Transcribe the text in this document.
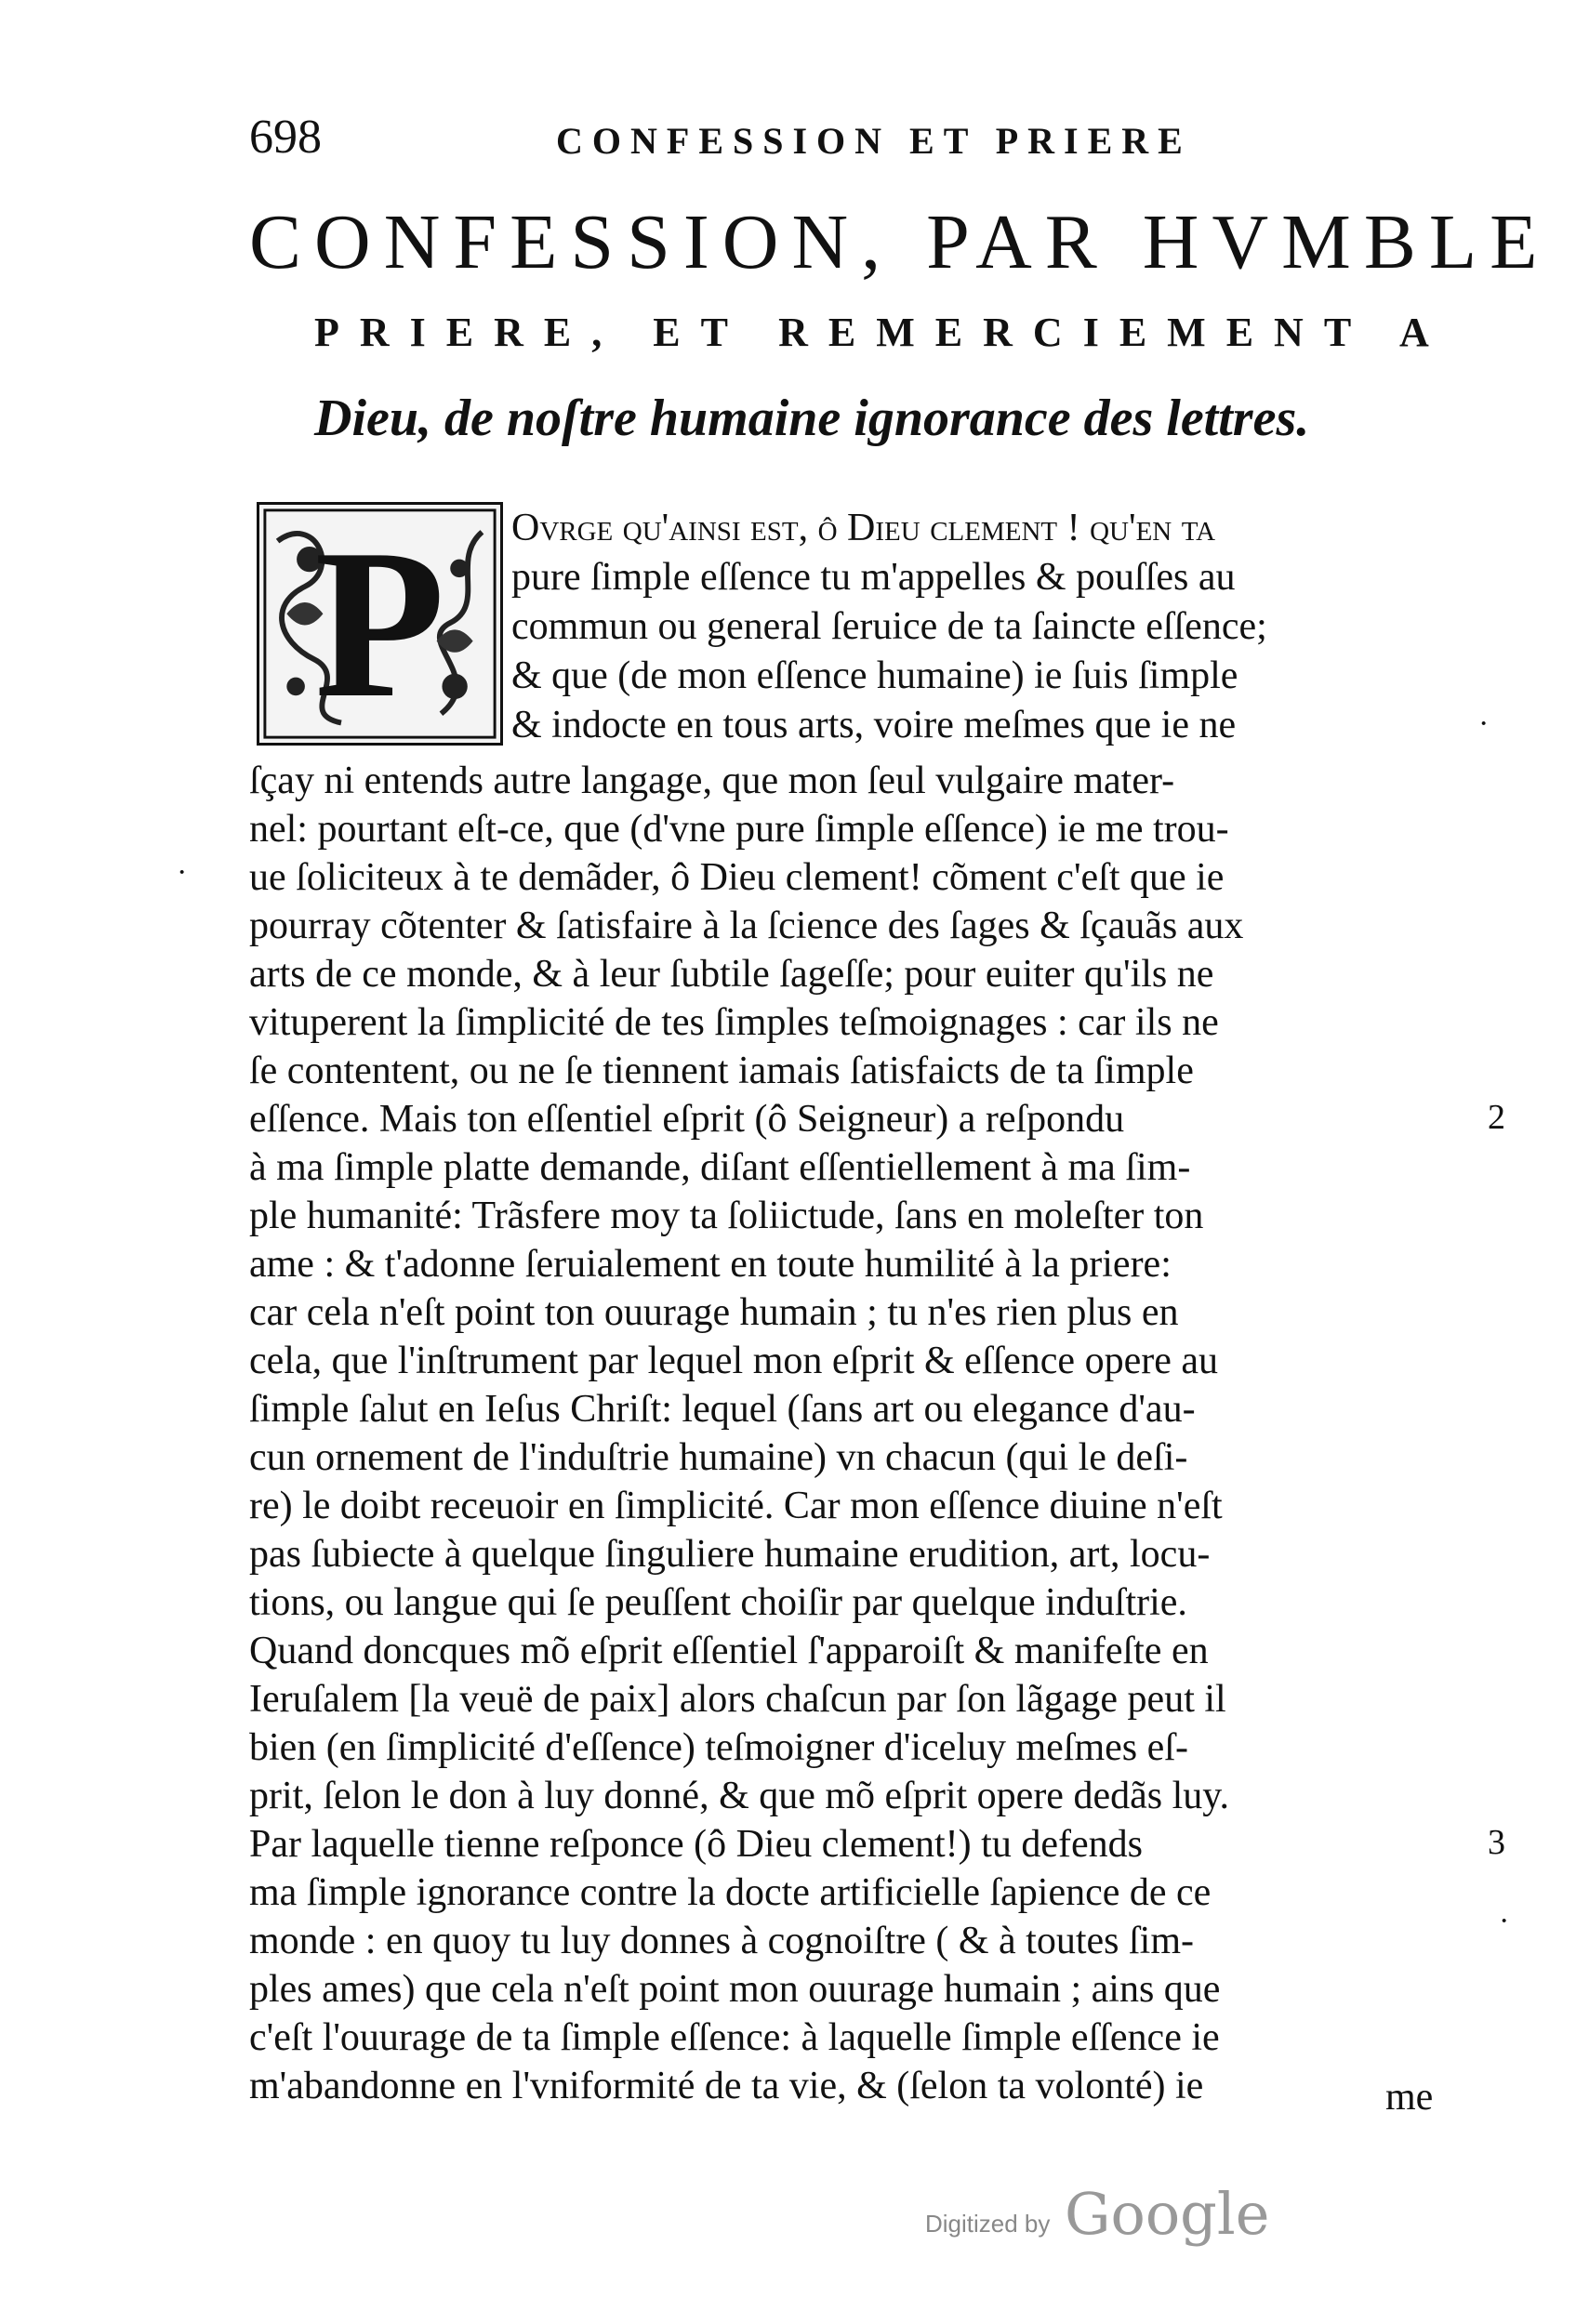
698	CONFESSION ET PRIERE
CONFESSION, PAR HVMBLE
PRIERE, ET REMERCIEMENT A
Dieu, de noſtre humaine ignorance des lettres.
P	Ovrge qu'ainſi eſt, ô Dieu clement ! qu'en ta
pure ſimple eſſence tu m'appelles & pouſſes au
commun ou general ſeruice de ta ſaincte eſſence;
& que (de mon eſſence humaine) ie ſuis ſimple
& indocte en tous arts, voire meſmes que ie ne
ſçay ni entends autre langage, que mon ſeul vulgaire mater-
nel: pourtant eſt-ce, que (d'vne pure ſimple eſſence) ie me trou-
ue ſoliciteux à te demãder, ô Dieu clement! cõment c'eſt que ie
pourray cõtenter & ſatisfaire à la ſcience des ſages & ſçauãs aux
arts de ce monde, & à leur ſubtile ſageſſe; pour euiter qu'ils ne
vituperent la ſimplicité de tes ſimples teſmoignages : car ils ne
ſe contentent, ou ne ſe tiennent iamais ſatisfaicts de ta ſimple
eſſence. Mais ton eſſentiel eſprit (ô Seigneur) a reſpondu
à ma ſimple platte demande, diſant eſſentiellement à ma ſim-
ple humanité: Trãsfere moy ta ſoliictude, ſans en moleſter ton
ame : & t'adonne ſeruialement en toute humilité à la priere:
car cela n'eſt point ton ouurage humain ; tu n'es rien plus en
cela, que l'inſtrument par lequel mon eſprit & eſſence opere au
ſimple ſalut en Ieſus Chriſt: lequel (ſans art ou elegance d'au-
cun ornement de l'induſtrie humaine) vn chacun (qui le deſi-
re) le doibt receuoir en ſimplicité. Car mon eſſence diuine n'eſt
pas ſubiecte à quelque ſinguliere humaine erudition, art, locu-
tions, ou langue qui ſe peuſſent choiſir par quelque induſtrie.
Quand doncques mõ eſprit eſſentiel ſ'apparoiſt & manifeſte en
Ieruſalem [la veuë de paix] alors chaſcun par ſon lãgage peut il
bien (en ſimplicité d'eſſence) teſmoigner d'iceluy meſmes eſ-
prit, ſelon le don à luy donné, & que mõ eſprit opere dedãs luy.
Par laquelle tienne reſponce (ô Dieu clement!) tu defends
ma ſimple ignorance contre la docte artificielle ſapience de ce
monde : en quoy tu luy donnes à cognoiſtre ( & à toutes ſim-
ples ames) que cela n'eſt point mon ouurage humain ; ains que
c'eſt l'ouurage de ta ſimple eſſence: à laquelle ſimple eſſence ie
m'abandonne en l'vniformité de ta vie, & (ſelon ta volonté) ie	me
2
3
·
·
·
Digitized by Google
